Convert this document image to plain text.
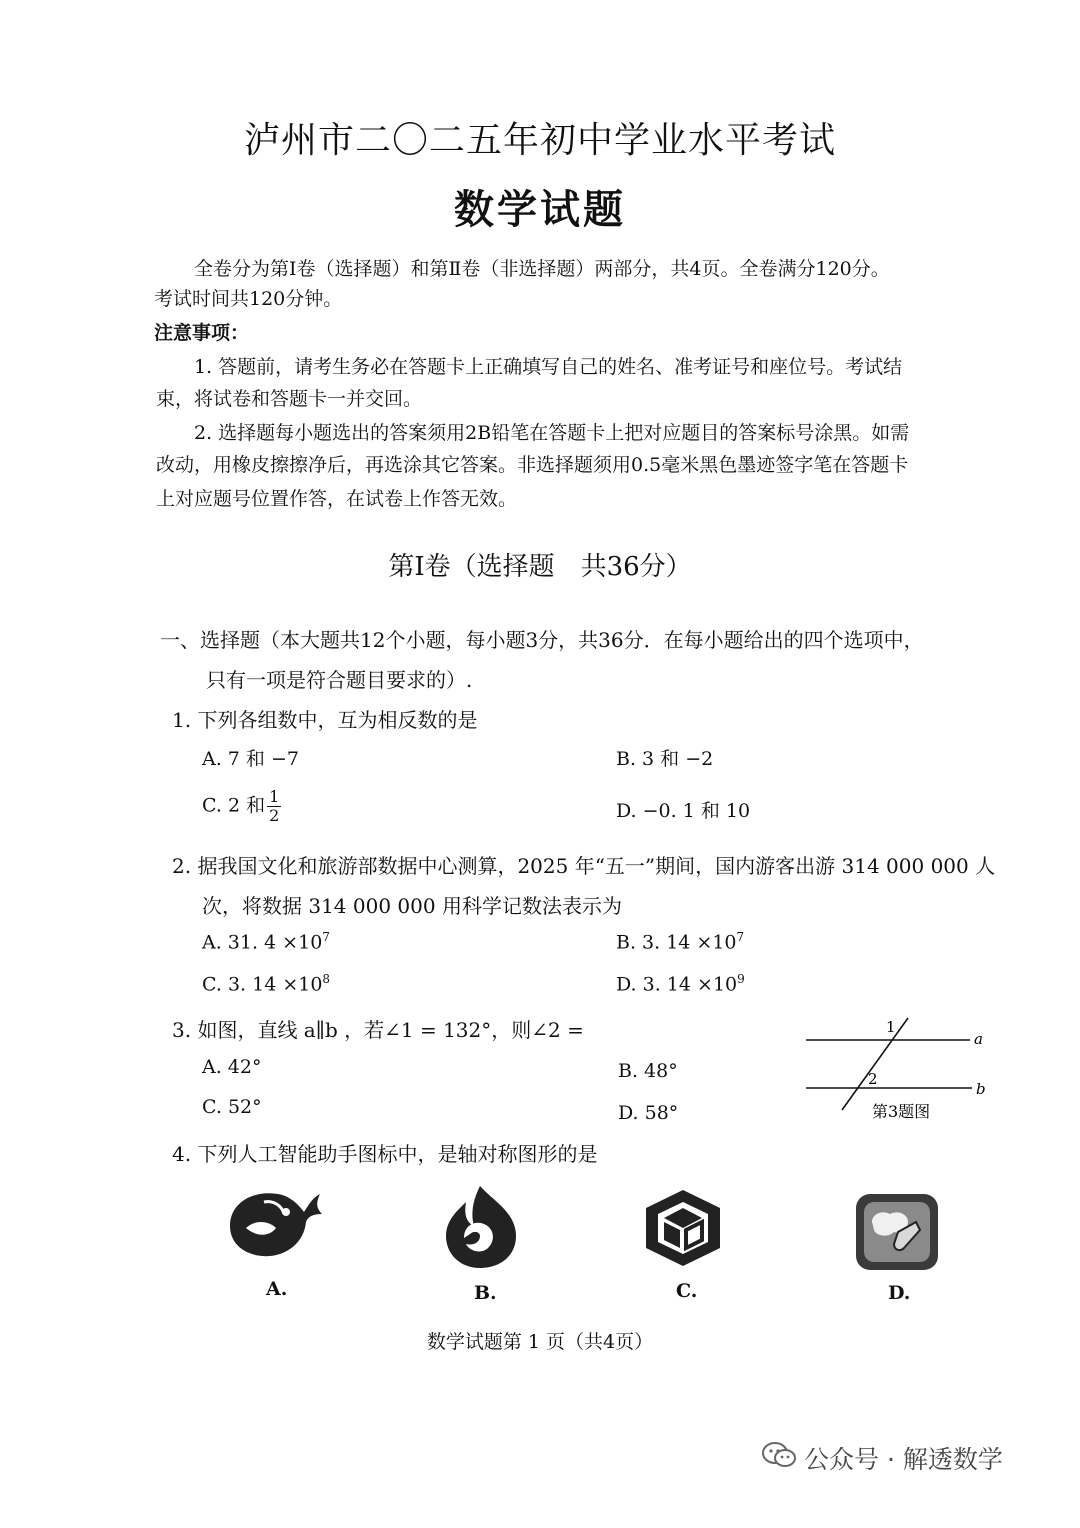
泸州市二〇二五年初中学业水平考试
数学试题
全卷分为第Ⅰ卷（选择题）和第Ⅱ卷（非选择题）两部分，共4页。全卷满分120分。
考试时间共120分钟。
注意事项：
1. 答题前，请考生务必在答题卡上正确填写自己的姓名、准考证号和座位号。考试结
束，将试卷和答题卡一并交回。
2. 选择题每小题选出的答案须用2B铅笔在答题卡上把对应题目的答案标号涂黑。如需
改动，用橡皮擦擦净后，再选涂其它答案。非选择题须用0.5毫米黑色墨迹签字笔在答题卡
上对应题号位置作答，在试卷上作答无效。
第Ⅰ卷（选择题　共36分）
一、选择题（本大题共12个小题，每小题3分，共36分．在每小题给出的四个选项中，
只有一项是符合题目要求的）.
1. 下列各组数中，互为相反数的是
A. 7 和 −7	B. 3 和 −2
C. 2 和 $\frac{1}{2}$	D. −0. 1 和 10
2. 据我国文化和旅游部数据中心测算，2025 年“五一”期间，国内游客出游 314 000 000 人
次，将数据 314 000 000 用科学记数法表示为
A. 31. $4 \times 10^7$	B. 3. $14 \times 10^7$
C. 3. $14 \times 10^8$	D. 3. $14 \times 10^9$
3. 如图，直线 a∥b ，若∠1 = 132°，则∠2 =
A. 42°	B. 48°
C. 52°	D. 58°
1
2
a
b
第3题图
4. 下列人工智能助手图标中，是轴对称图形的是
A.	B.	C.	D.
数学试题第 1 页（共4页）
公众号 · 解透数学
